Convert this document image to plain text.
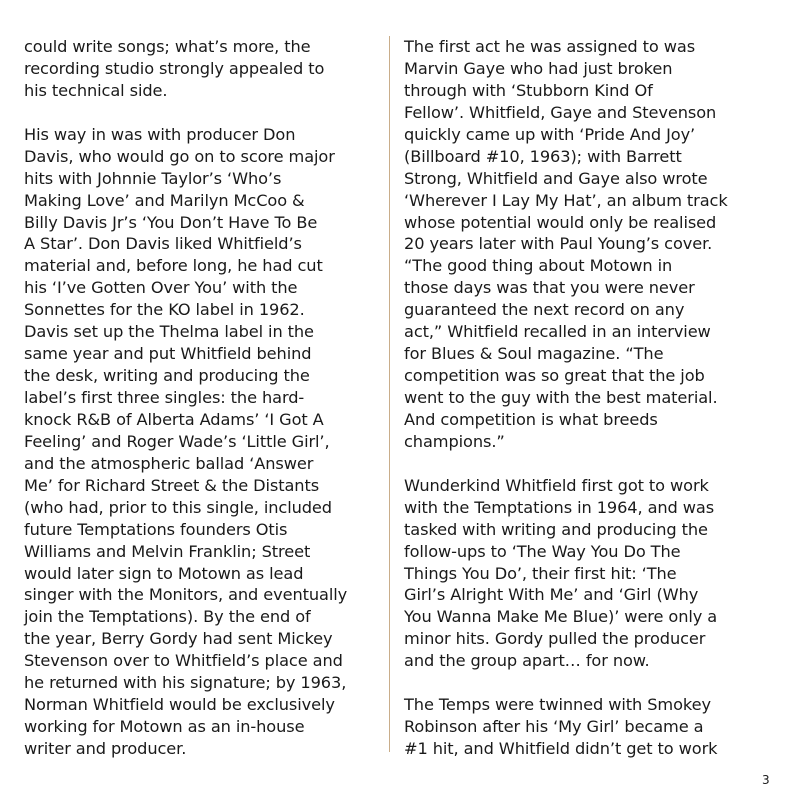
could write songs; what’s more, the
recording studio strongly appealed to
his technical side.
His way in was with producer Don
Davis, who would go on to score major
hits with Johnnie Taylor’s ‘Who’s
Making Love’ and Marilyn McCoo &
Billy Davis Jr’s ‘You Don’t Have To Be
A Star’. Don Davis liked Whitfield’s
material and, before long, he had cut
his ‘I’ve Gotten Over You’ with the
Sonnettes for the KO label in 1962.
Davis set up the Thelma label in the
same year and put Whitfield behind
the desk, writing and producing the
label’s first three singles: the hard-
knock R&B of Alberta Adams’ ‘I Got A
Feeling’ and Roger Wade’s ‘Little Girl’,
and the atmospheric ballad ‘Answer
Me’ for Richard Street & the Distants
(who had, prior to this single, included
future Temptations founders Otis
Williams and Melvin Franklin; Street
would later sign to Motown as lead
singer with the Monitors, and eventually
join the Temptations). By the end of
the year, Berry Gordy had sent Mickey
Stevenson over to Whitfield’s place and
he returned with his signature; by 1963,
Norman Whitfield would be exclusively
working for Motown as an in-house
writer and producer.
The first act he was assigned to was
Marvin Gaye who had just broken
through with ‘Stubborn Kind Of
Fellow’. Whitfield, Gaye and Stevenson
quickly came up with ‘Pride And Joy’
(Billboard #10, 1963); with Barrett
Strong, Whitfield and Gaye also wrote
‘Wherever I Lay My Hat’, an album track
whose potential would only be realised
20 years later with Paul Young’s cover.
“The good thing about Motown in
those days was that you were never
guaranteed the next record on any
act,” Whitfield recalled in an interview
for Blues & Soul magazine. “The
competition was so great that the job
went to the guy with the best material.
And competition is what breeds
champions.”
Wunderkind Whitfield first got to work
with the Temptations in 1964, and was
tasked with writing and producing the
follow-ups to ‘The Way You Do The
Things You Do’, their first hit: ‘The
Girl’s Alright With Me’ and ‘Girl (Why
You Wanna Make Me Blue)’ were only a
minor hits. Gordy pulled the producer
and the group apart… for now.
The Temps were twinned with Smokey
Robinson after his ‘My Girl’ became a
#1 hit, and Whitfield didn’t get to work
3
